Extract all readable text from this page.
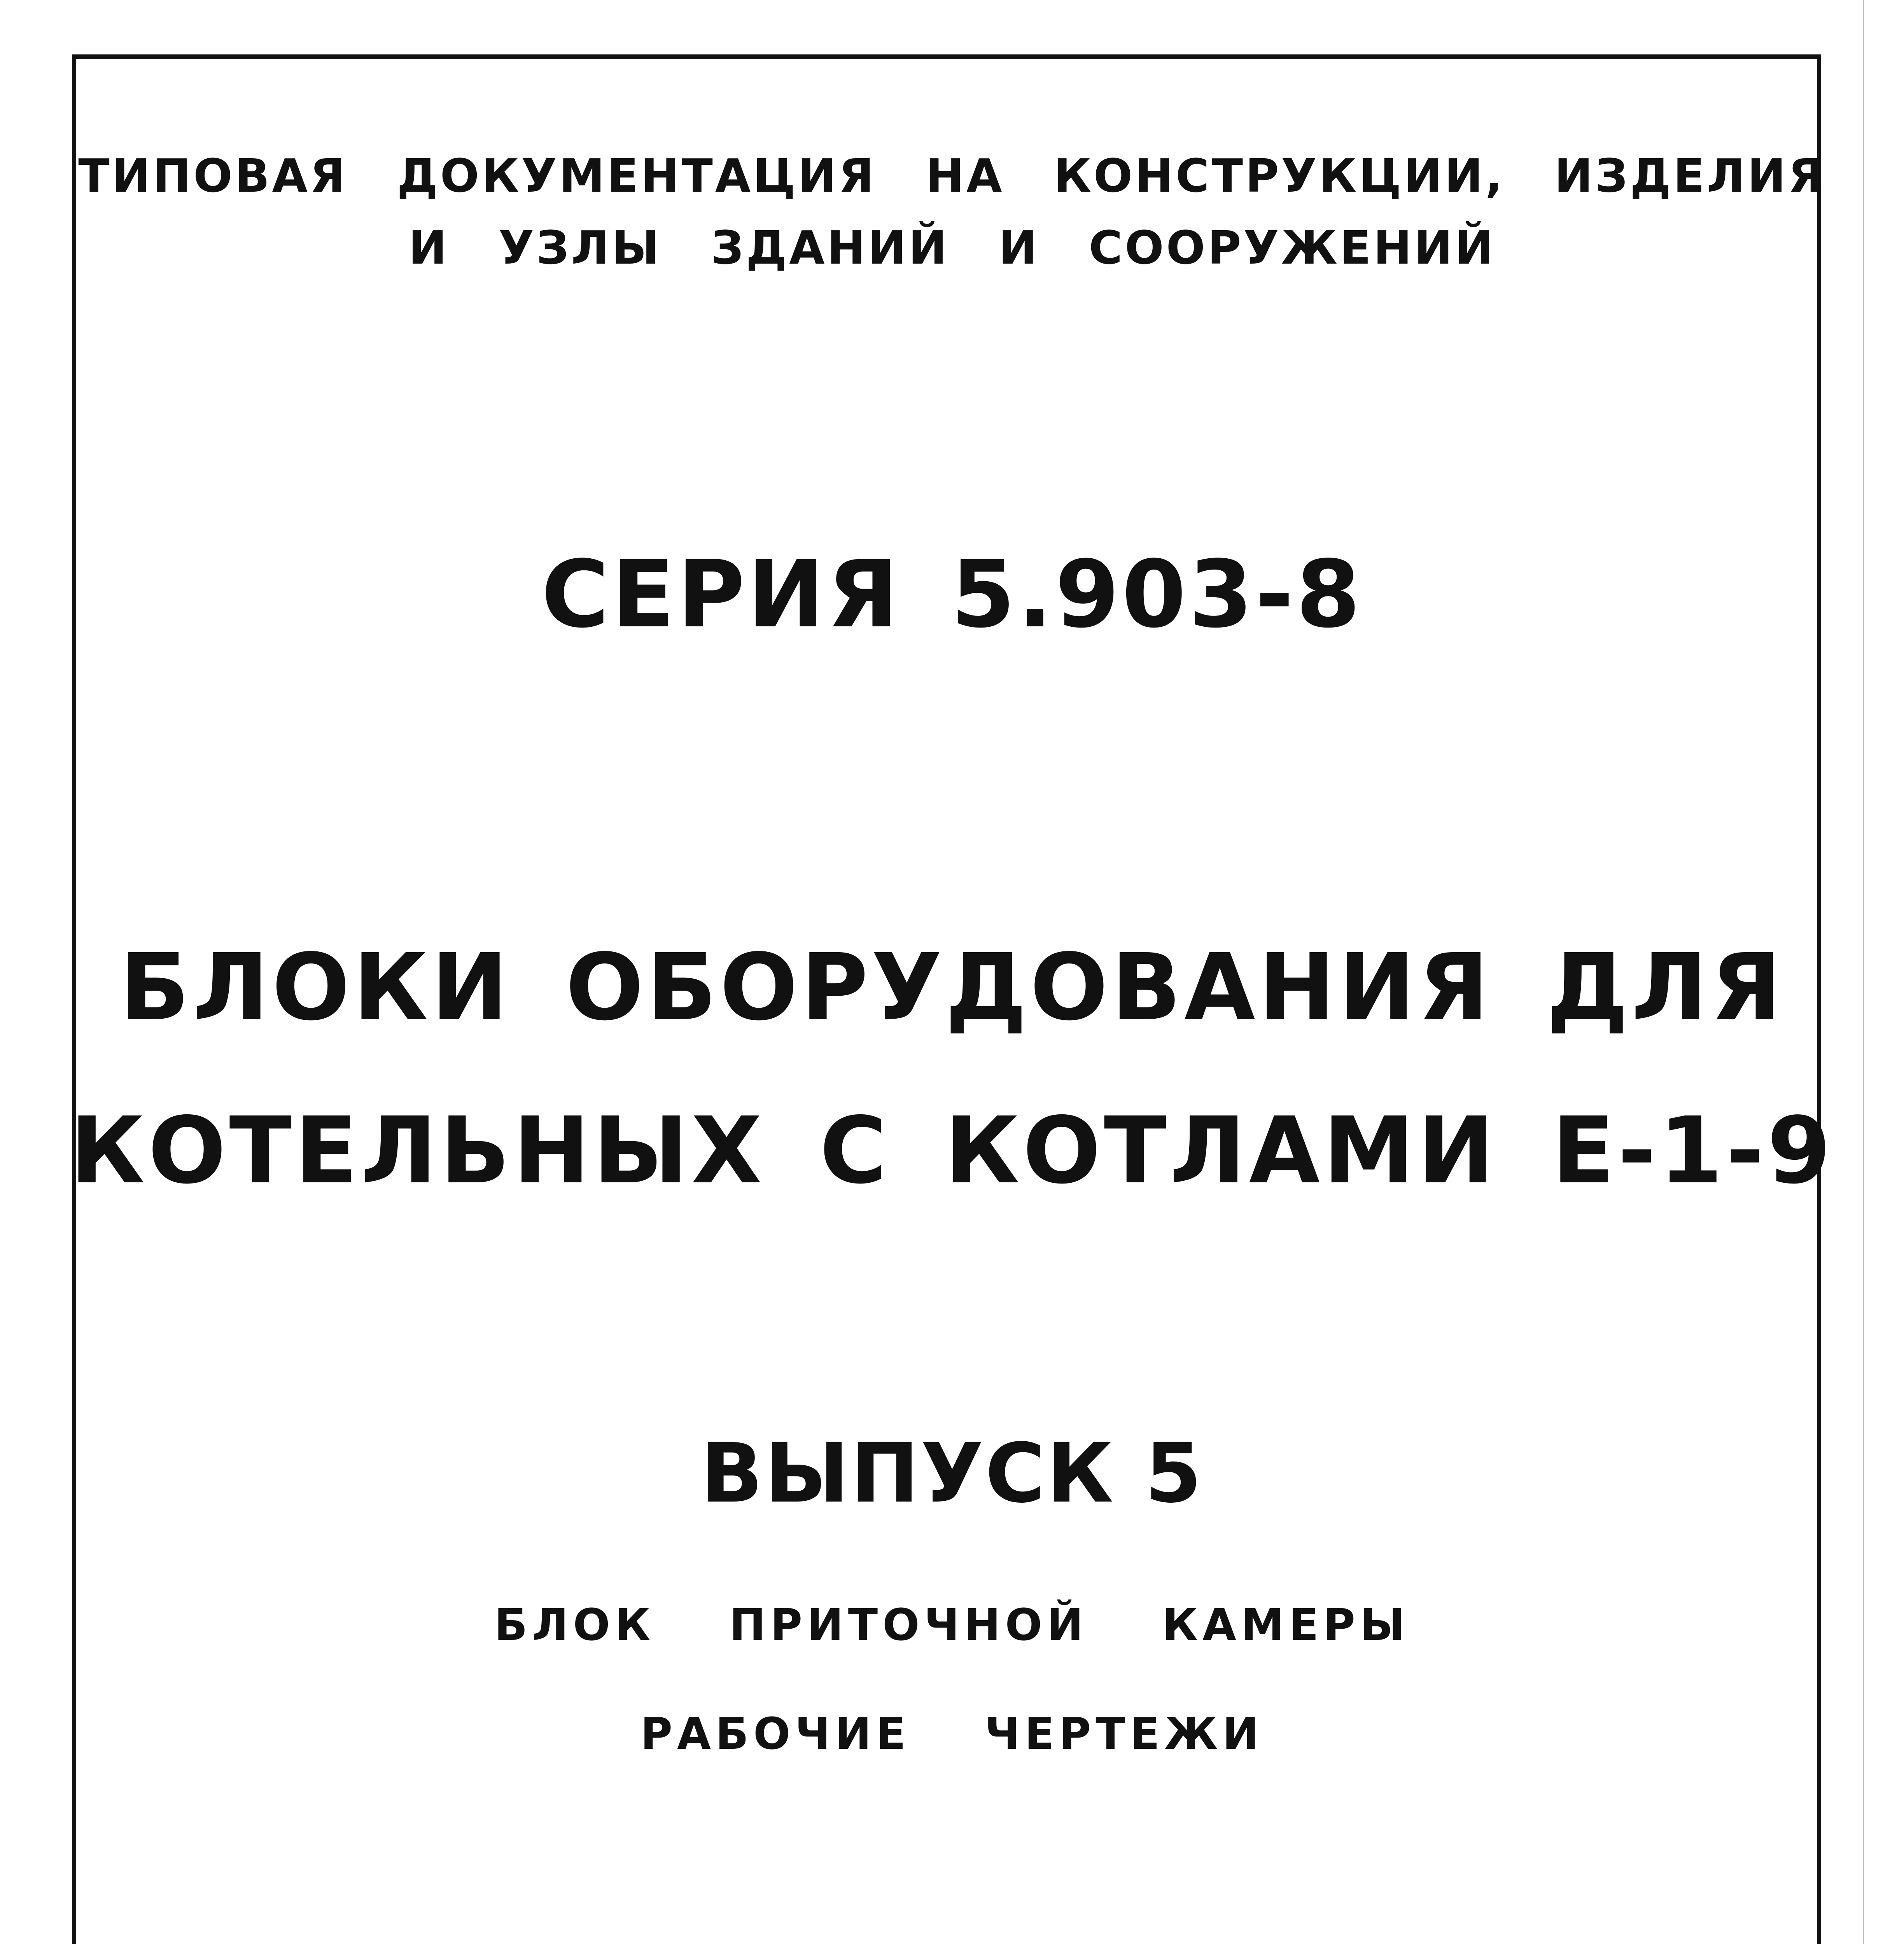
ТИПОВАЯ ДОКУМЕНТАЦИЯ НА КОНСТРУКЦИИ, ИЗДЕЛИЯ
И УЗЛЫ ЗДАНИЙ И СООРУЖЕНИЙ
СЕРИЯ 5.903-8
БЛОКИ ОБОРУДОВАНИЯ ДЛЯ
КОТЕЛЬНЫХ С КОТЛАМИ Е-1-9
ВЫПУСК 5
БЛОК ПРИТОЧНОЙ КАМЕРЫ
РАБОЧИЕ ЧЕРТЕЖИ
